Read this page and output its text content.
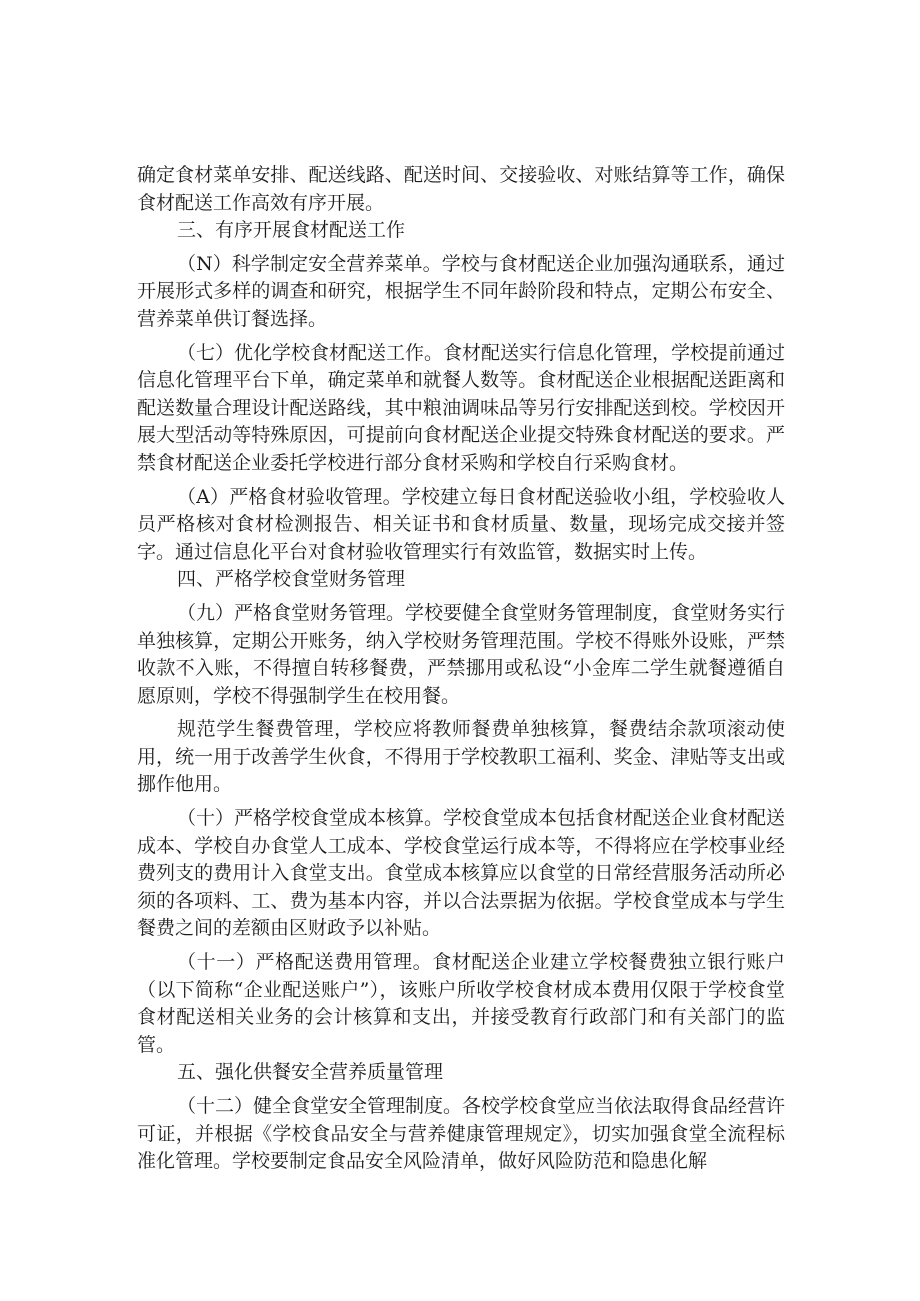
确定食材菜单安排、配送线路、配送时间、交接验收、对账结算等工作，确保食材配送工作高效有序开展。

三、有序开展食材配送工作

（N）科学制定安全营养菜单。学校与食材配送企业加强沟通联系，通过开展形式多样的调查和研究，根据学生不同年龄阶段和特点，定期公布安全、营养菜单供订餐选择。

（七）优化学校食材配送工作。食材配送实行信息化管理，学校提前通过信息化管理平台下单，确定菜单和就餐人数等。食材配送企业根据配送距离和配送数量合理设计配送路线，其中粮油调味品等另行安排配送到校。学校因开展大型活动等特殊原因，可提前向食材配送企业提交特殊食材配送的要求。严禁食材配送企业委托学校进行部分食材采购和学校自行采购食材。

（A）严格食材验收管理。学校建立每日食材配送验收小组，学校验收人员严格核对食材检测报告、相关证书和食材质量、数量，现场完成交接并签字。通过信息化平台对食材验收管理实行有效监管，数据实时上传。

四、严格学校食堂财务管理

（九）严格食堂财务管理。学校要健全食堂财务管理制度，食堂财务实行单独核算，定期公开账务，纳入学校财务管理范围。学校不得账外设账，严禁收款不入账，不得擅自转移餐费，严禁挪用或私设“小金库二学生就餐遵循自愿原则，学校不得强制学生在校用餐。

规范学生餐费管理，学校应将教师餐费单独核算，餐费结余款项滚动使用，统一用于改善学生伙食，不得用于学校教职工福利、奖金、津贴等支出或挪作他用。

（十）严格学校食堂成本核算。学校食堂成本包括食材配送企业食材配送成本、学校自办食堂人工成本、学校食堂运行成本等，不得将应在学校事业经费列支的费用计入食堂支出。食堂成本核算应以食堂的日常经营服务活动所必须的各项料、工、费为基本内容，并以合法票据为依据。学校食堂成本与学生餐费之间的差额由区财政予以补贴。

（十一）严格配送费用管理。食材配送企业建立学校餐费独立银行账户（以下简称“企业配送账户”），该账户所收学校食材成本费用仅限于学校食堂食材配送相关业务的会计核算和支出，并接受教育行政部门和有关部门的监管。

五、强化供餐安全营养质量管理

（十二）健全食堂安全管理制度。各校学校食堂应当依法取得食品经营许可证，并根据《学校食品安全与营养健康管理规定》，切实加强食堂全流程标准化管理。学校要制定食品安全风险清单，做好风险防范和隐患化解
